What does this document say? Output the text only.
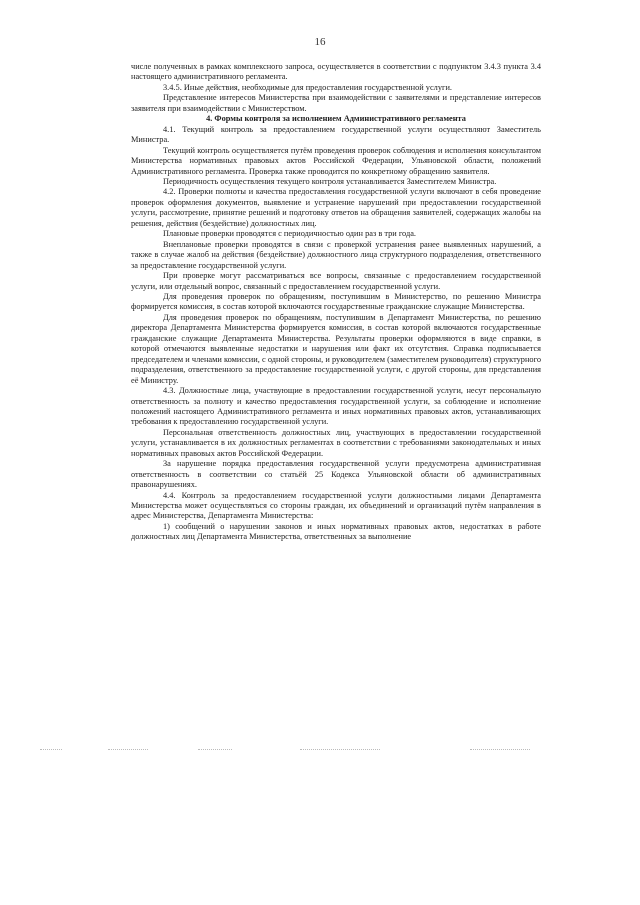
16

числе полученных в рамках комплексного запроса, осуществляется в соответствии с подпунктом 3.4.3 пункта 3.4 настоящего административного регламента.

3.4.5. Иные действия, необходимые для предоставления государственной услуги.

Представление интересов Министерства при взаимодействии с заявителями и представление интересов заявителя при взаимодействии с Министерством.

4. Формы контроля за исполнением Административного регламента

4.1. Текущий контроль за предоставлением государственной услуги осуществляют Заместитель Министра.

Текущий контроль осуществляется путём проведения проверок соблюдения и исполнения консультантом Министерства нормативных правовых актов Российской Федерации, Ульяновской области, положений Административного регламента. Проверка также проводится по конкретному обращению заявителя.

Периодичность осуществления текущего контроля устанавливается Заместителем Министра.

4.2. Проверки полноты и качества предоставления государственной услуги включают в себя проведение проверок оформления документов, выявление и устранение нарушений при предоставлении государственной услуги, рассмотрение, принятие решений и подготовку ответов на обращения заявителей, содержащих жалобы на решения, действия (бездействие) должностных лиц.

Плановые проверки проводятся с периодичностью один раз в три года.

Внеплановые проверки проводятся в связи с проверкой устранения ранее выявленных нарушений, а также в случае жалоб на действия (бездействие) должностного лица структурного подразделения, ответственного за предоставление государственной услуги.

При проверке могут рассматриваться все вопросы, связанные с предоставлением государственной услуги, или отдельный вопрос, связанный с предоставлением государственной услуги.

Для проведения проверок по обращениям, поступившим в Министерство, по решению Министра формируется комиссия, в состав которой включаются государственные гражданские служащие Министерства.

Для проведения проверок по обращениям, поступившим в Департамент Министерства, по решению директора Департамента Министерства формируется комиссия, в состав которой включаются государственные гражданские служащие Департамента Министерства. Результаты проверки оформляются в виде справки, в которой отмечаются выявленные недостатки и нарушения или факт их отсутствия. Справка подписывается председателем и членами комиссии, с одной стороны, и руководителем (заместителем руководителя) структурного подразделения, ответственного за предоставление государственной услуги, с другой стороны, для представления её Министру.

4.3. Должностные лица, участвующие в предоставлении государственной услуги, несут персональную ответственность за полноту и качество предоставления государственной услуги, за соблюдение и исполнение положений настоящего Административного регламента и иных нормативных правовых актов, устанавливающих требования к предоставлению государственной услуги.

Персональная ответственность должностных лиц, участвующих в предоставлении государственной услуги, устанавливается в их должностных регламентах в соответствии с требованиями законодательных и иных нормативных правовых актов Российской Федерации.

За нарушение порядка предоставления государственной услуги предусмотрена административная ответственность в соответствии со статьёй 25 Кодекса Ульяновской области об административных правонарушениях.

4.4. Контроль за предоставлением государственной услуги должностными лицами Департамента Министерства может осуществляться со стороны граждан, их объединений и организаций путём направления в адрес Министерства, Департамента Министерства:

1) сообщений о нарушении законов и иных нормативных правовых актов, недостатках в работе должностных лиц Департамента Министерства, ответственных за выполнение
